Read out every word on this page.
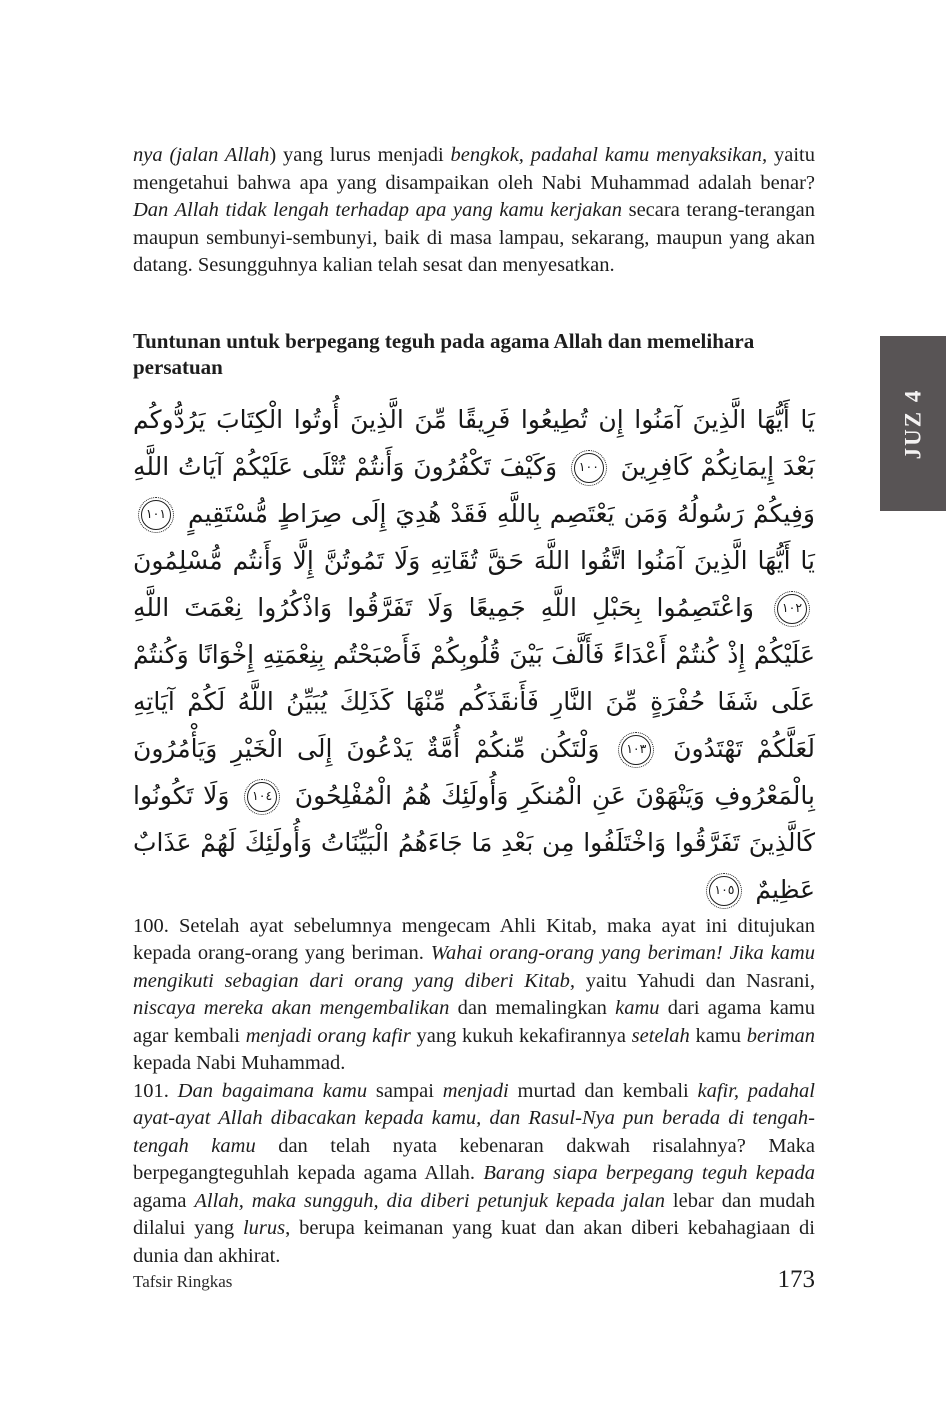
nya (jalan Allah) yang lurus menjadi bengkok, padahal kamu menyaksikan, yaitu mengetahui bahwa apa yang disampaikan oleh Nabi Muhammad adalah benar? Dan Allah tidak lengah terhadap apa yang kamu kerjakan secara terang-terangan maupun sembunyi-sembunyi, baik di masa lampau, sekarang, maupun yang akan datang. Sesungguhnya kalian telah sesat dan menyesatkan.

Tuntunan untuk berpegang teguh pada agama Allah dan memelihara persatuan
يَا أَيُّهَا الَّذِينَ آمَنُوا إِن تُطِيعُوا فَرِيقًا مِّنَ الَّذِينَ أُوتُوا الْكِتَابَ يَرُدُّوكُم بَعْدَ إِيمَانِكُمْ كَافِرِينَ ١٠٠ وَكَيْفَ تَكْفُرُونَ وَأَنتُمْ تُتْلَى عَلَيْكُمْ آيَاتُ اللَّهِ وَفِيكُمْ رَسُولُهُ وَمَن يَعْتَصِم بِاللَّهِ فَقَدْ هُدِيَ إِلَى صِرَاطٍ مُّسْتَقِيمٍ ١٠١ يَا أَيُّهَا الَّذِينَ آمَنُوا اتَّقُوا اللَّهَ حَقَّ تُقَاتِهِ وَلَا تَمُوتُنَّ إِلَّا وَأَنتُم مُّسْلِمُونَ ١٠٢ وَاعْتَصِمُوا بِحَبْلِ اللَّهِ جَمِيعًا وَلَا تَفَرَّقُوا وَاذْكُرُوا نِعْمَتَ اللَّهِ عَلَيْكُمْ إِذْ كُنتُمْ أَعْدَاءً فَأَلَّفَ بَيْنَ قُلُوبِكُمْ فَأَصْبَحْتُم بِنِعْمَتِهِ إِخْوَانًا وَكُنتُمْ عَلَى شَفَا حُفْرَةٍ مِّنَ النَّارِ فَأَنقَذَكُم مِّنْهَا كَذَلِكَ يُبَيِّنُ اللَّهُ لَكُمْ آيَاتِهِ لَعَلَّكُمْ تَهْتَدُونَ ١٠٣ وَلْتَكُن مِّنكُمْ أُمَّةٌ يَدْعُونَ إِلَى الْخَيْرِ وَيَأْمُرُونَ بِالْمَعْرُوفِ وَيَنْهَوْنَ عَنِ الْمُنكَرِ وَأُولَئِكَ هُمُ الْمُفْلِحُونَ ١٠٤ وَلَا تَكُونُوا كَالَّذِينَ تَفَرَّقُوا وَاخْتَلَفُوا مِن بَعْدِ مَا جَاءَهُمُ الْبَيِّنَاتُ وَأُولَئِكَ لَهُمْ عَذَابٌ عَظِيمٌ ١٠٥

100. Setelah ayat sebelumnya mengecam Ahli Kitab, maka ayat ini ditujukan kepada orang-orang yang beriman. Wahai orang-orang yang beriman! Jika kamu mengikuti sebagian dari orang yang diberi Kitab, yaitu Yahudi dan Nasrani, niscaya mereka akan mengembalikan dan memalingkan kamu dari agama kamu agar kembali menjadi orang kafir yang kukuh kekafirannya setelah kamu beriman kepada Nabi Muhammad.

101. Dan bagaimana kamu sampai menjadi murtad dan kembali kafir, padahal ayat-ayat Allah dibacakan kepada kamu, dan Rasul-Nya pun berada di tengah-tengah kamu dan telah nyata kebenaran dakwah risalahnya? Maka berpegangteguhlah kepada agama Allah. Barang siapa berpegang teguh kepada agama Allah, maka sungguh, dia diberi petunjuk kepada jalan lebar dan mudah dilalui yang lurus, berupa keimanan yang kuat dan akan diberi kebahagiaan di dunia dan akhirat.

Tafsir Ringkas	173
JUZ 4
